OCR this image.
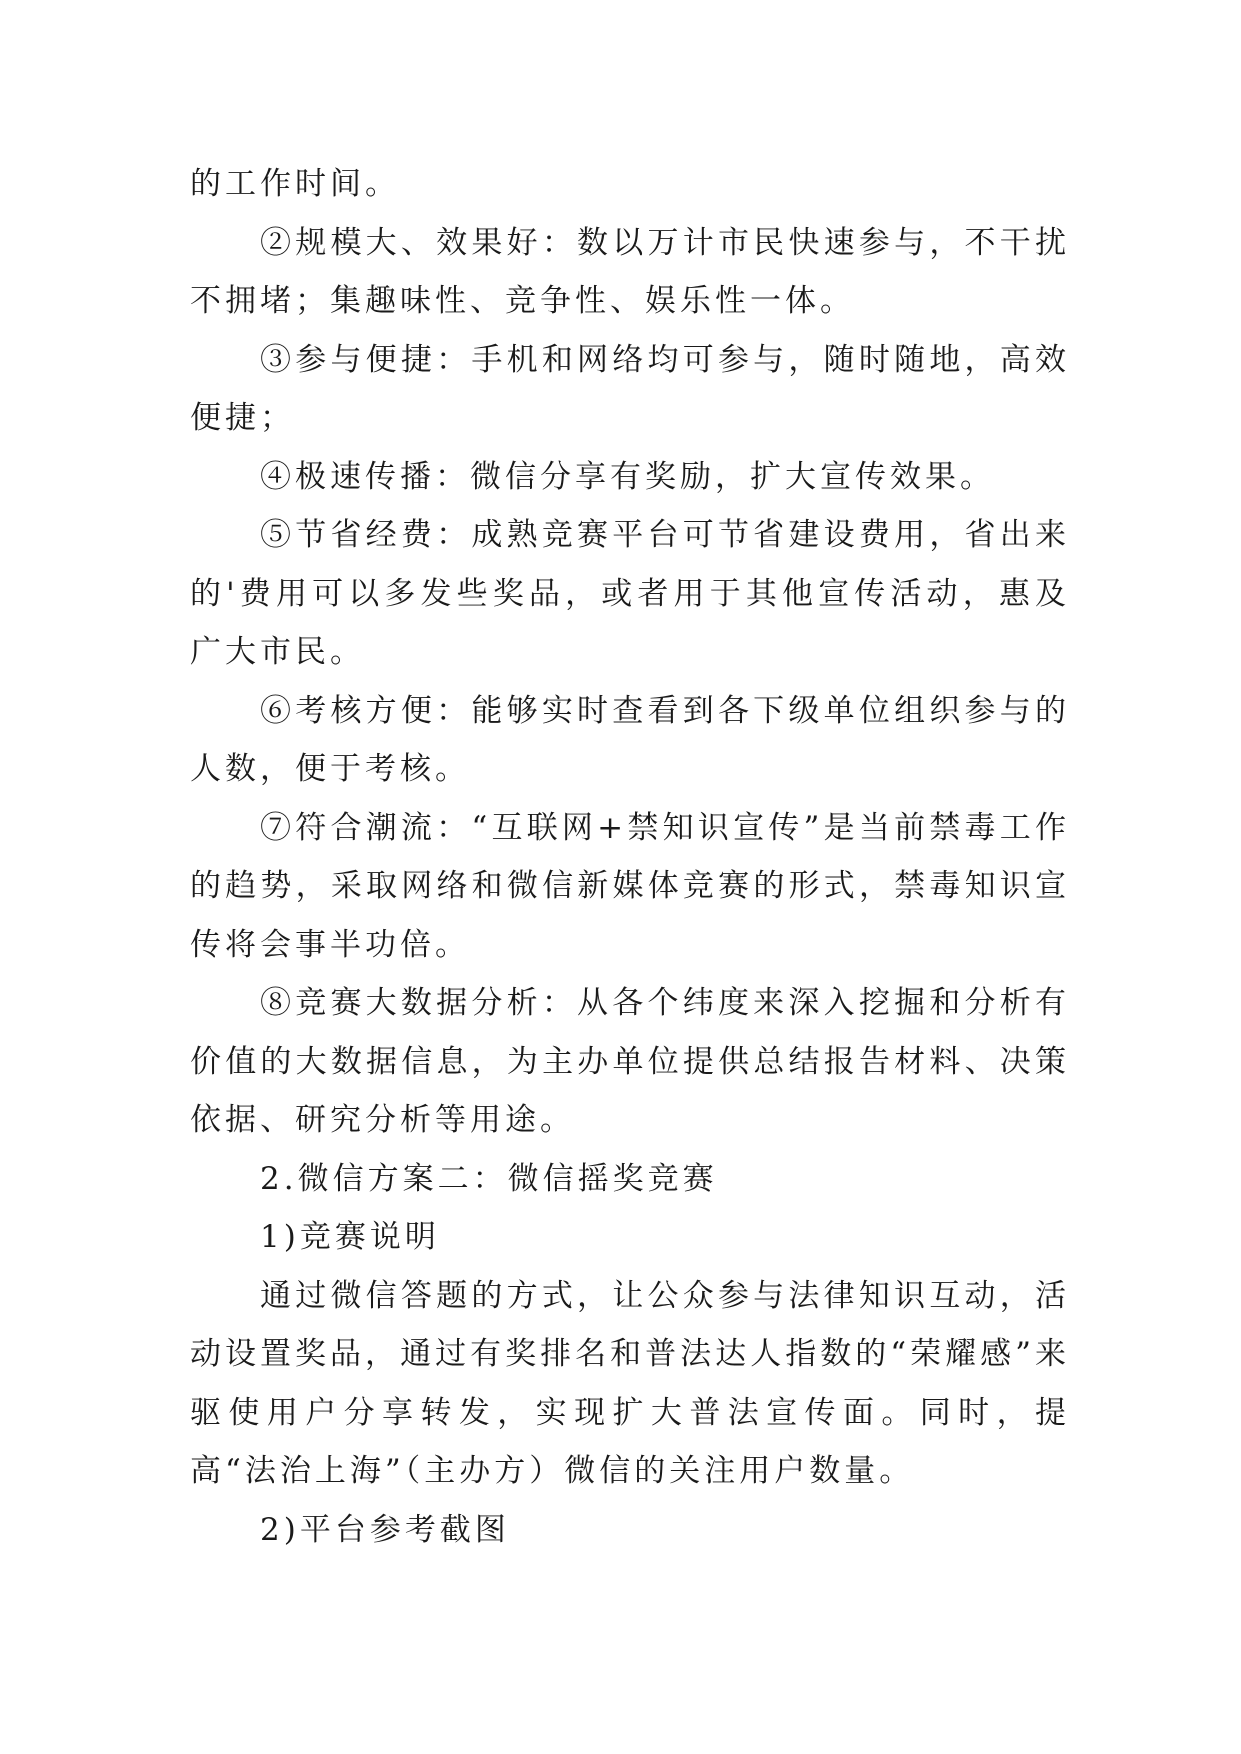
的工作时间。

②规模大、效果好：数以万计市民快速参与，不干扰不拥堵；集趣味性、竞争性、娱乐性一体。

③参与便捷：手机和网络均可参与，随时随地，高效便捷；

④极速传播：微信分享有奖励，扩大宣传效果。

⑤节省经费：成熟竞赛平台可节省建设费用，省出来的'费用可以多发些奖品，或者用于其他宣传活动，惠及广大市民。

⑥考核方便：能够实时查看到各下级单位组织参与的人数，便于考核。

⑦符合潮流：“互联网+禁知识宣传”是当前禁毒工作的趋势，采取网络和微信新媒体竞赛的形式，禁毒知识宣传将会事半功倍。

⑧竞赛大数据分析：从各个纬度来深入挖掘和分析有价值的大数据信息，为主办单位提供总结报告材料、决策依据、研究分析等用途。

2.微信方案二：微信摇奖竞赛

1)竞赛说明

通过微信答题的方式，让公众参与法律知识互动，活动设置奖品，通过有奖排名和普法达人指数的“荣耀感”来驱使用户分享转发，实现扩大普法宣传面。同时，提高“法治上海”（主办方）微信的关注用户数量。

2)平台参考截图
